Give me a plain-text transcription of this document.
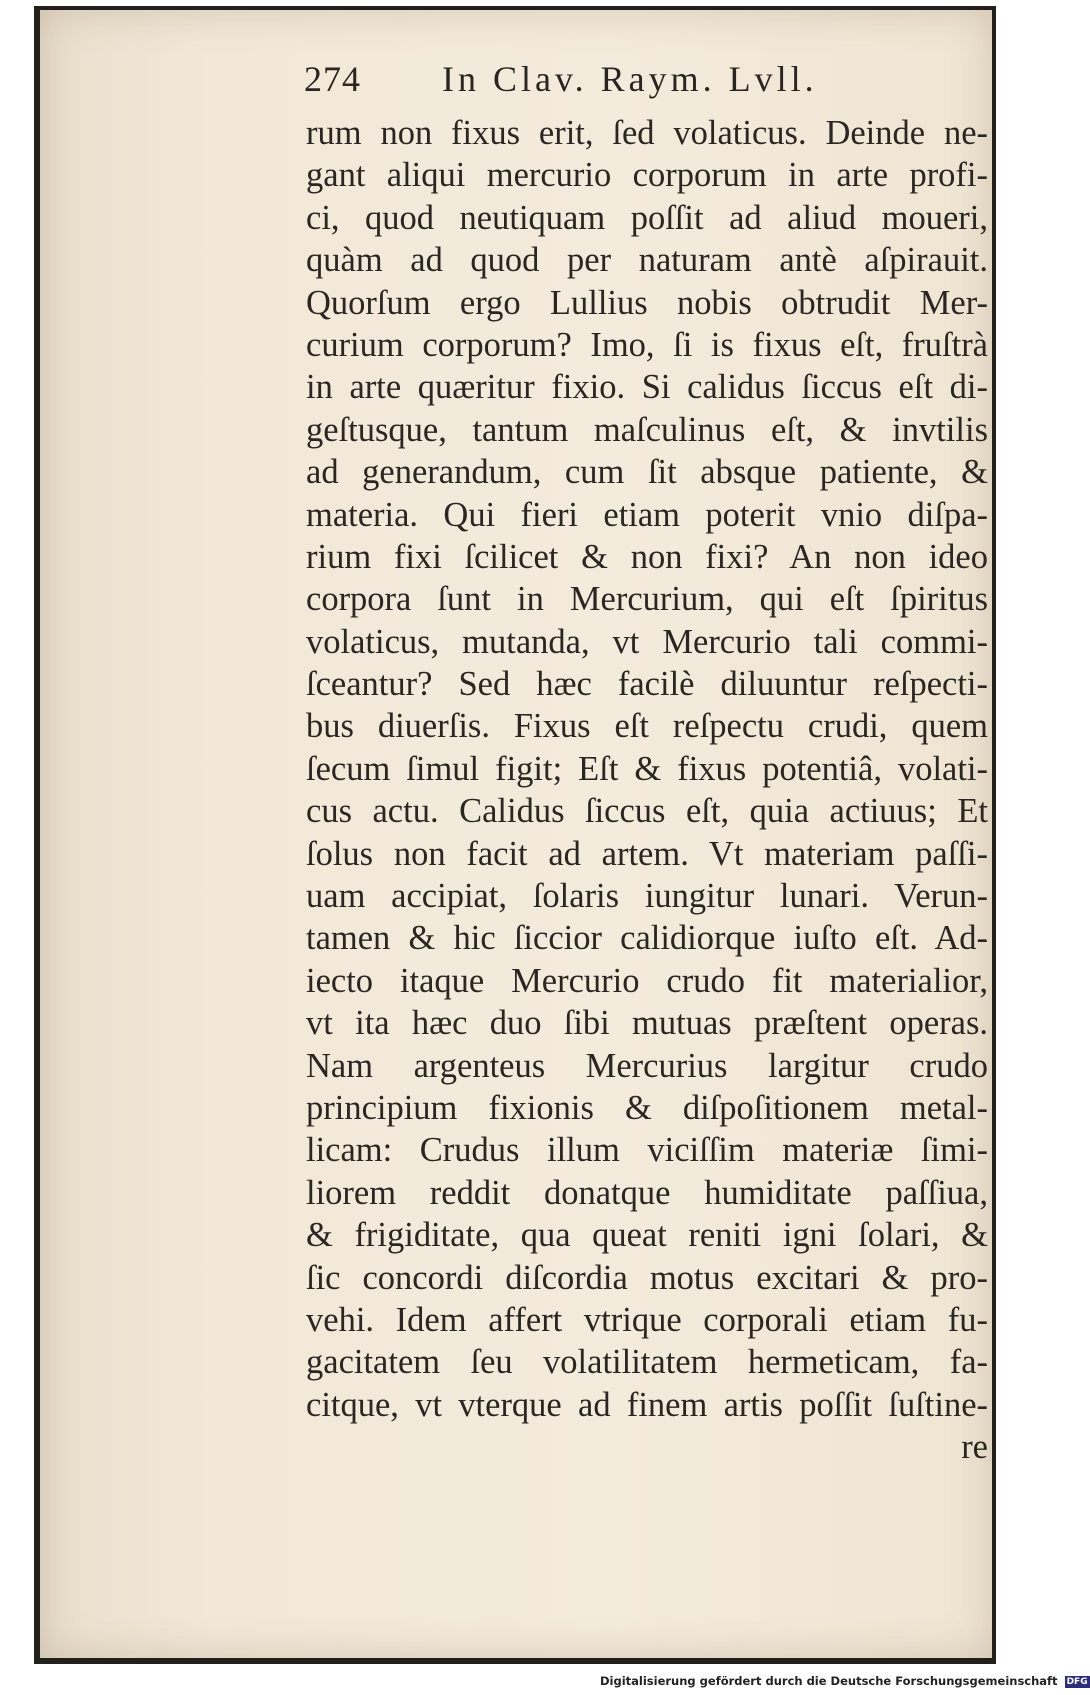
274 In Clav. Raym. Lvll.
rum non fixus erit, ſed volaticus. Deinde ne-
gant aliqui mercurio corporum in arte profi-
ci, quod neutiquam poſſit ad aliud moueri,
quàm ad quod per naturam antè aſpirauit.
Quorſum ergo Lullius nobis obtrudit Mer-
curium corporum? Imo, ſi is fixus eſt, fruſtrà
in arte quæritur fixio. Si calidus ſiccus eſt di-
geſtusque, tantum maſculinus eſt, & invtilis
ad generandum, cum ſit absque patiente, &
materia. Qui fieri etiam poterit vnio diſpa-
rium fixi ſcilicet & non fixi? An non ideo
corpora ſunt in Mercurium, qui eſt ſpiritus
volaticus, mutanda, vt Mercurio tali commi-
ſceantur? Sed hæc facilè diluuntur reſpecti-
bus diuerſis. Fixus eſt reſpectu crudi, quem
ſecum ſimul figit; Eſt & fixus potentiâ, volati-
cus actu. Calidus ſiccus eſt, quia actiuus; Et
ſolus non facit ad artem. Vt materiam paſſi-
uam accipiat, ſolaris iungitur lunari. Verun-
tamen & hic ſiccior calidiorque iuſto eſt. Ad-
iecto itaque Mercurio crudo fit materialior,
vt ita hæc duo ſibi mutuas præſtent operas.
Nam argenteus Mercurius largitur crudo
principium fixionis & diſpoſitionem metal-
licam: Crudus illum viciſſim materiæ ſimi-
liorem reddit donatque humiditate paſſiua,
& frigiditate, qua queat reniti igni ſolari, &
ſic concordi diſcordia motus excitari & pro-
vehi. Idem affert vtrique corporali etiam fu-
gacitatem ſeu volatilitatem hermeticam, fa-
citque, vt vterque ad finem artis poſſit ſuſtine-
re
Digitalisierung gefördert durch die Deutsche Forschungsgemeinschaft DFG
